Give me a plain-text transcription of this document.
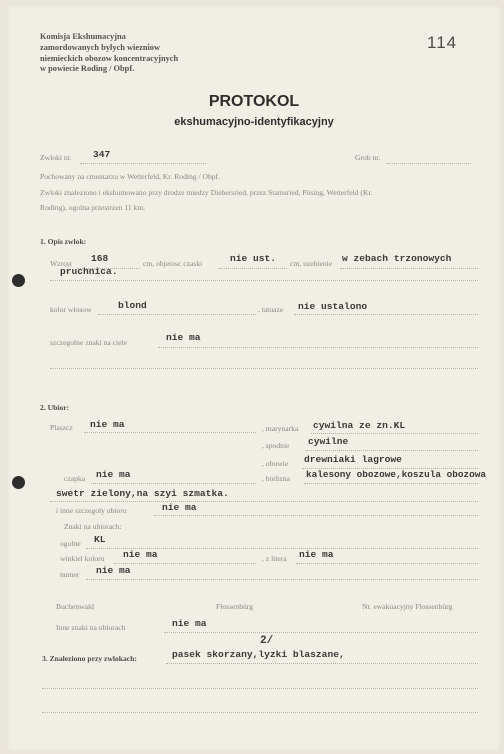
Komisja Ekshumacyjna
zamordowanych bylych wiezniow
niemieckich obozow koncentracyjnych
w powiecie Roding / Obpf.
114
PROTOKOL
ekshumacyjno-identyfikacyjny
Zwloki nr. 347	Grob nr.
Pochowany na cmentarzu w Wetterfeld, Kr. Roding / Obpf.
Zwloki znaleziono i ekshumowano przy drodze miedzy Diebersried, przez Stamsried, Pösing, Wetterfeld (Kr.
Roding), ogolna przestrzen 11 km.
1. Opis zwlok:
Wzrost 168	cm, objetosc czaski	nie ust. cm, uzebienie w zebach trzonowych
pruchnica.
kolor wlosow	blond	, tatuaze nie ustalono
szczegolne znaki na ciele	nie ma
2. Ubior:
Plaszcz nie ma	, marynarka cywilna ze zn.KL
, spodnie cywilne
, obuwie drewniaki lagrowe
czapka nie ma	, bielizna kalesony obozowe,koszula obozowa
swetr zielony,na szyi szmatka.
i inne szczegoly ubioru	nie ma
Znaki na ubiorach:
ogolne KL
winkiel koloru nie ma	, z litera nie ma
numer nie ma
Buchenwald	Flossenbürg	Nr. ewakuacyjny Flossenbürg
Inne znaki na ubiorach	nie ma
2/
3. Znaleziono przy zwlokach:	pasek skorzany,lyzki blaszane,
